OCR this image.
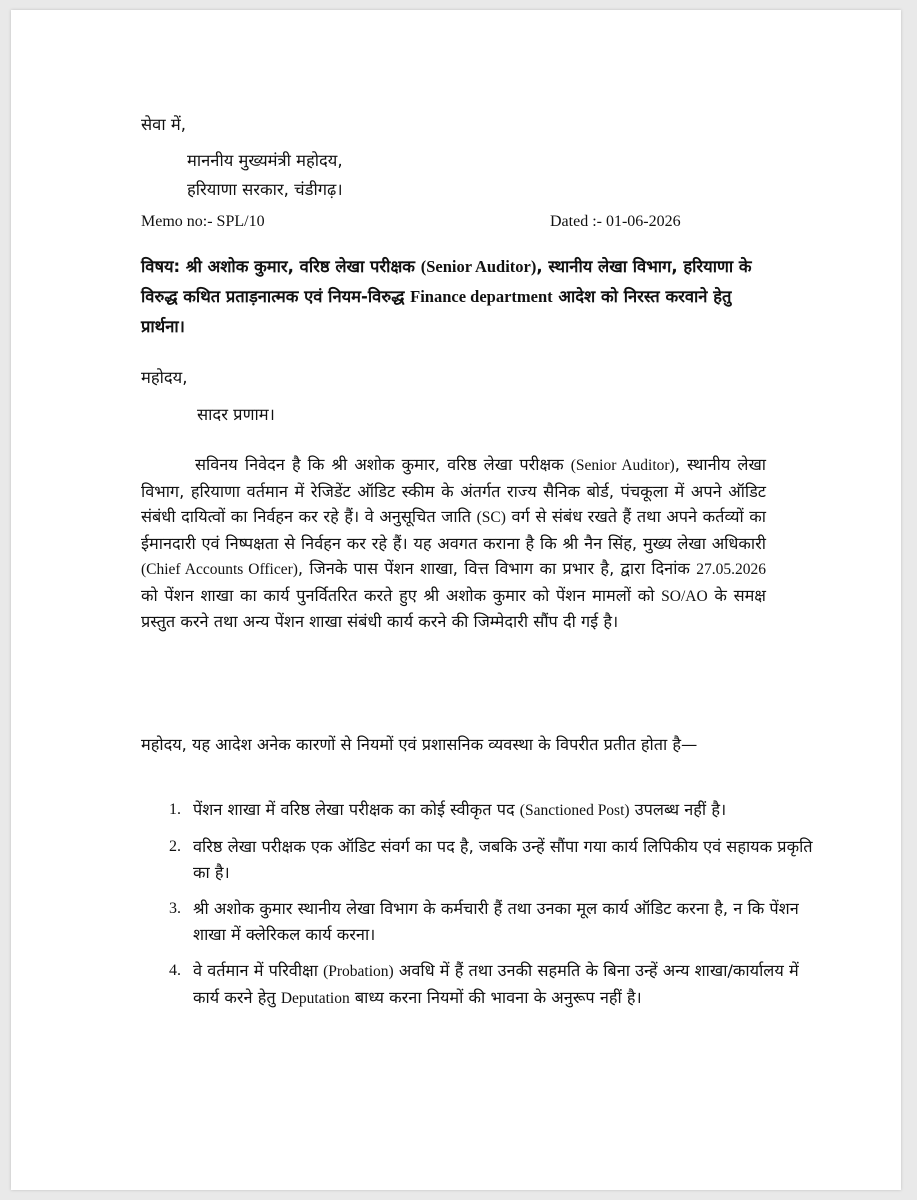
सेवा में,
माननीय मुख्यमंत्री महोदय,
हरियाणा सरकार, चंडीगढ़।
Memo no:- SPL/10	Dated :- 01-06-2026
विषय: श्री अशोक कुमार, वरिष्ठ लेखा परीक्षक (Senior Auditor), स्थानीय लेखा विभाग, हरियाणा के विरुद्ध कथित प्रताड़नात्मक एवं नियम-विरुद्ध Finance department आदेश को निरस्त करवाने हेतु प्रार्थना।
महोदय,
सादर प्रणाम।
सविनय निवेदन है कि श्री अशोक कुमार, वरिष्ठ लेखा परीक्षक (Senior Auditor), स्थानीय लेखा विभाग, हरियाणा वर्तमान में रेजिडेंट ऑडिट स्कीम के अंतर्गत राज्य सैनिक बोर्ड, पंचकूला में अपने ऑडिट संबंधी दायित्वों का निर्वहन कर रहे हैं। वे अनुसूचित जाति (SC) वर्ग से संबंध रखते हैं तथा अपने कर्तव्यों का ईमानदारी एवं निष्पक्षता से निर्वहन कर रहे हैं। यह अवगत कराना है कि श्री नैन सिंह, मुख्य लेखा अधिकारी (Chief Accounts Officer), जिनके पास पेंशन शाखा, वित्त विभाग का प्रभार है, द्वारा दिनांक 27.05.2026 को पेंशन शाखा का कार्य पुनर्वितरित करते हुए श्री अशोक कुमार को पेंशन मामलों को SO/AO के समक्ष प्रस्तुत करने तथा अन्य पेंशन शाखा संबंधी कार्य करने की जिम्मेदारी सौंप दी गई है।
महोदय, यह आदेश अनेक कारणों से नियमों एवं प्रशासनिक व्यवस्था के विपरीत प्रतीत होता है—
1. पेंशन शाखा में वरिष्ठ लेखा परीक्षक का कोई स्वीकृत पद (Sanctioned Post) उपलब्ध नहीं है।
2. वरिष्ठ लेखा परीक्षक एक ऑडिट संवर्ग का पद है, जबकि उन्हें सौंपा गया कार्य लिपिकीय एवं सहायक प्रकृति का है।
3. श्री अशोक कुमार स्थानीय लेखा विभाग के कर्मचारी हैं तथा उनका मूल कार्य ऑडिट करना है, न कि पेंशन शाखा में क्लेरिकल कार्य करना।
4. वे वर्तमान में परिवीक्षा (Probation) अवधि में हैं तथा उनकी सहमति के बिना उन्हें अन्य शाखा/कार्यालय में कार्य करने हेतु Deputation बाध्य करना नियमों की भावना के अनुरूप नहीं है।
